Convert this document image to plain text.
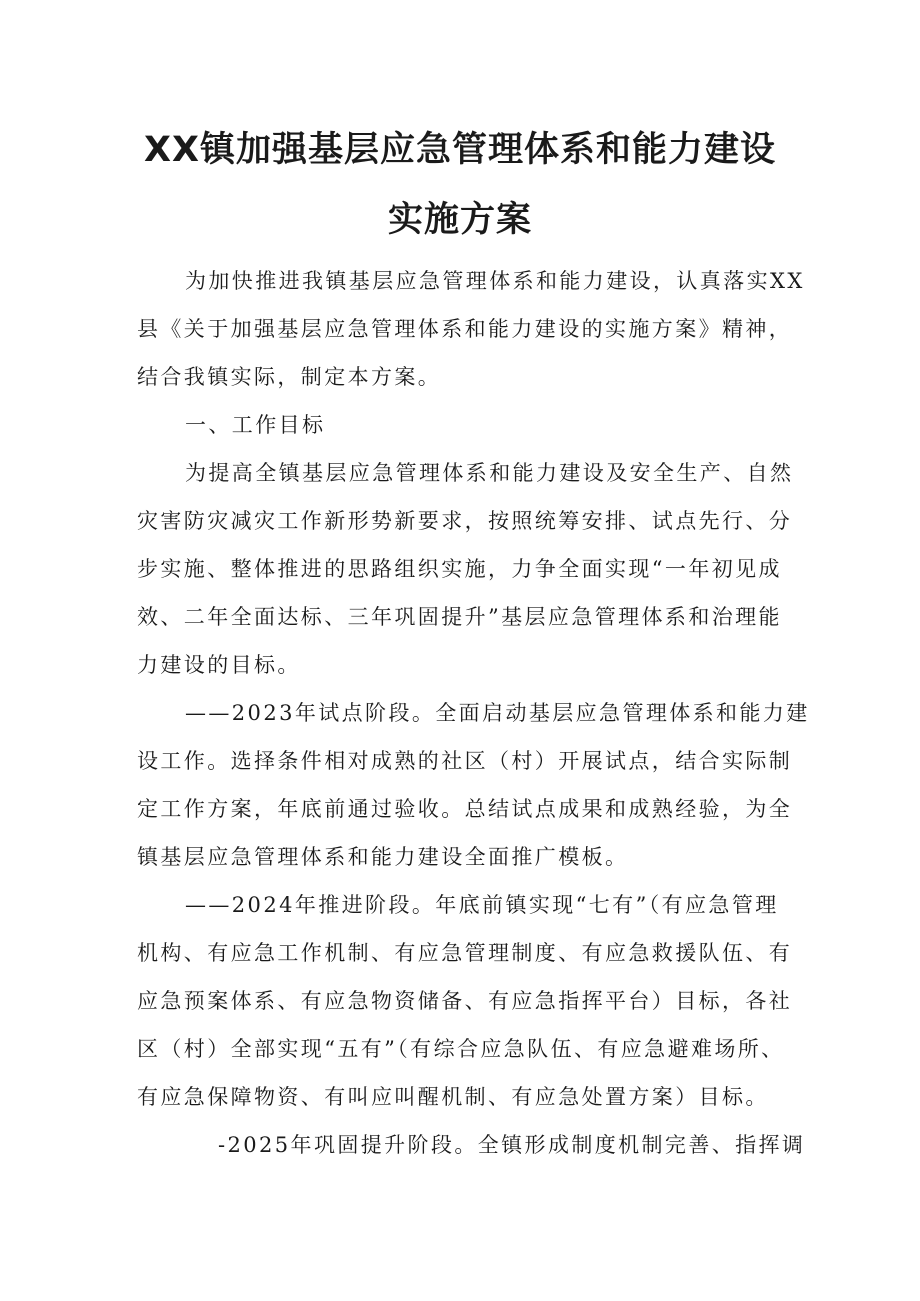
XX镇加强基层应急管理体系和能力建设
实施方案
为加快推进我镇基层应急管理体系和能力建设，认真落实XX
县《关于加强基层应急管理体系和能力建设的实施方案》精神，
结合我镇实际，制定本方案。
一、工作目标
为提高全镇基层应急管理体系和能力建设及安全生产、自然
灾害防灾减灾工作新形势新要求，按照统筹安排、试点先行、分
步实施、整体推进的思路组织实施，力争全面实现“一年初见成
效、二年全面达标、三年巩固提升”基层应急管理体系和治理能
力建设的目标。
——2023年试点阶段。全面启动基层应急管理体系和能力建
设工作。选择条件相对成熟的社区（村）开展试点，结合实际制
定工作方案，年底前通过验收。总结试点成果和成熟经验，为全
镇基层应急管理体系和能力建设全面推广模板。
——2024年推进阶段。年底前镇实现“七有”（有应急管理
机构、有应急工作机制、有应急管理制度、有应急救援队伍、有
应急预案体系、有应急物资储备、有应急指挥平台）目标，各社
区（村）全部实现“五有”（有综合应急队伍、有应急避难场所、
有应急保障物资、有叫应叫醒机制、有应急处置方案）目标。
-2025年巩固提升阶段。全镇形成制度机制完善、指挥调
